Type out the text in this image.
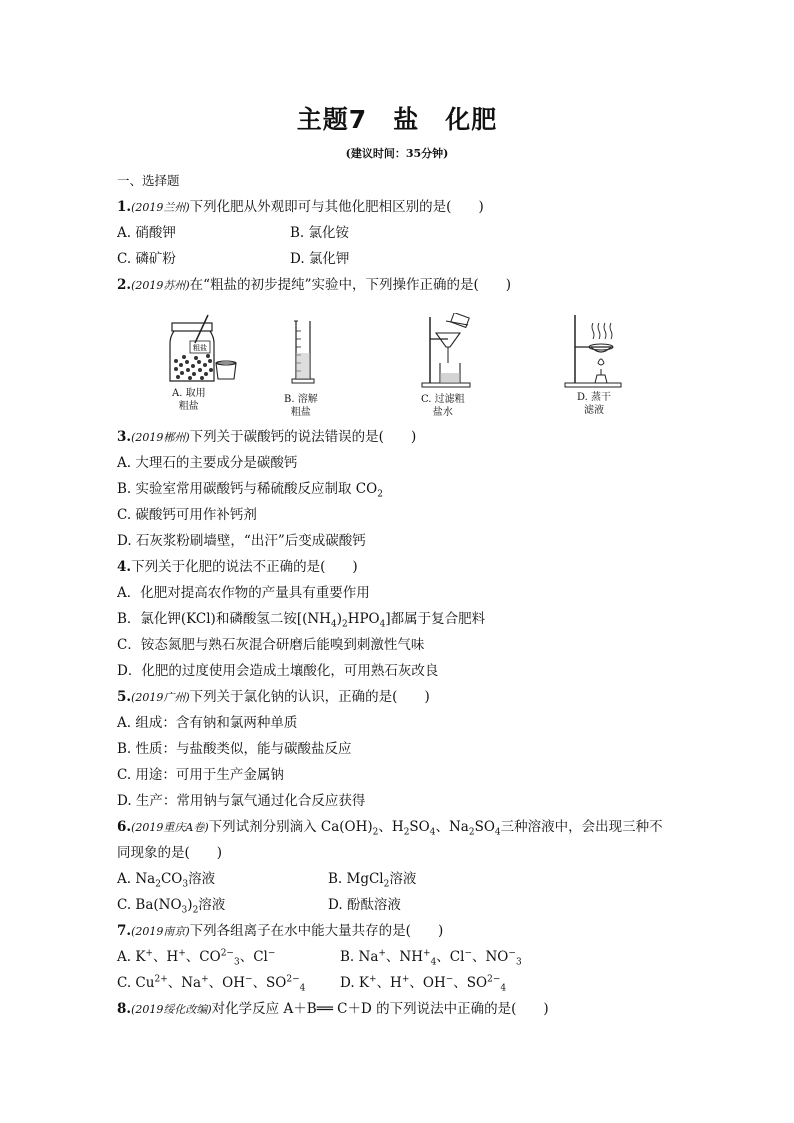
主题7　盐　化肥
(建议时间：35分钟)
一、选择题
1.(2019兰州)下列化肥从外观即可与其他化肥相区别的是(　　)
A. 硝酸钾	B. 氯化铵
C. 磷矿粉	D. 氯化钾
2.(2019苏州)在“粗盐的初步提纯”实验中，下列操作正确的是(　　)
粗盐
A. 取用
粗盐
B. 溶解
粗盐
C. 过滤粗
盐水
D. 蒸干
滤液
3.(2019郴州)下列关于碳酸钙的说法错误的是(　　)
A. 大理石的主要成分是碳酸钙
B. 实验室常用碳酸钙与稀硫酸反应制取 $CO_2$
C. 碳酸钙可用作补钙剂
D. 石灰浆粉刷墙壁，“出汗”后变成碳酸钙
4.下列关于化肥的说法不正确的是(　　)
A．化肥对提高农作物的产量具有重要作用
B．氯化钾(KCl)和磷酸氢二铵$[(NH_4)_2HPO_4]$都属于复合肥料
C．铵态氮肥与熟石灰混合研磨后能嗅到刺激性气味
D．化肥的过度使用会造成土壤酸化，可用熟石灰改良
5.(2019广州)下列关于氯化钠的认识，正确的是(　　)
A. 组成：含有钠和氯两种单质
B. 性质：与盐酸类似，能与碳酸盐反应
C. 用途：可用于生产金属钠
D. 生产：常用钠与氯气通过化合反应获得
6.(2019重庆A卷)下列试剂分别滴入 $Ca(OH)_2$、$H_2SO_4$、$Na_2SO_4$三种溶液中，会出现三种不
同现象的是(　　)
A. $Na_2CO_3$溶液	B. MgCl$_2$溶液
C. $Ba(NO_3)_2$溶液	D. 酚酞溶液
7.(2019南京)下列各组离子在水中能大量共存的是(　　)
A. K+、H+、$CO^{2-}_3$、Cl−	B. Na+、$NH^+_4$、Cl−、$NO^-_3$
C. $Cu^{2+}$、Na+、OH−、$SO^{2-}_4$	D. K+、H+、OH−、$SO^{2-}_4$
8.(2019绥化改编)对化学反应 A＋B══ C＋D 的下列说法中正确的是(　　)
